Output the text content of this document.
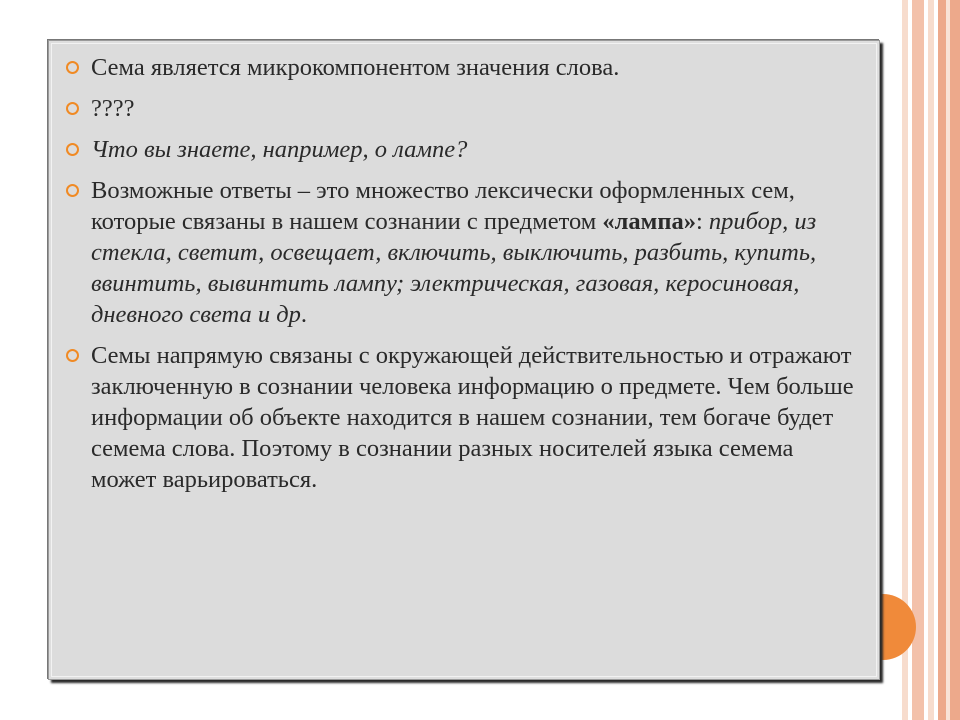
Сема является микрокомпонентом значения слова.
????
Что вы знаете, например, о лампе?
Возможные ответы – это множество лексически оформленных сем, которые связаны в нашем сознании с предметом «лампа»: прибор, из стекла, светит, освещает, включить, выключить, разбить, купить, ввинтить, вывинтить лампу; электрическая, газовая, керосиновая, дневного света и др.
Семы напрямую связаны с окружающей действительностью и отражают заключенную в сознании человека информацию о предмете. Чем больше информации об объекте находится в нашем сознании, тем богаче будет семема слова. Поэтому в сознании разных носителей языка семема может варьироваться.
